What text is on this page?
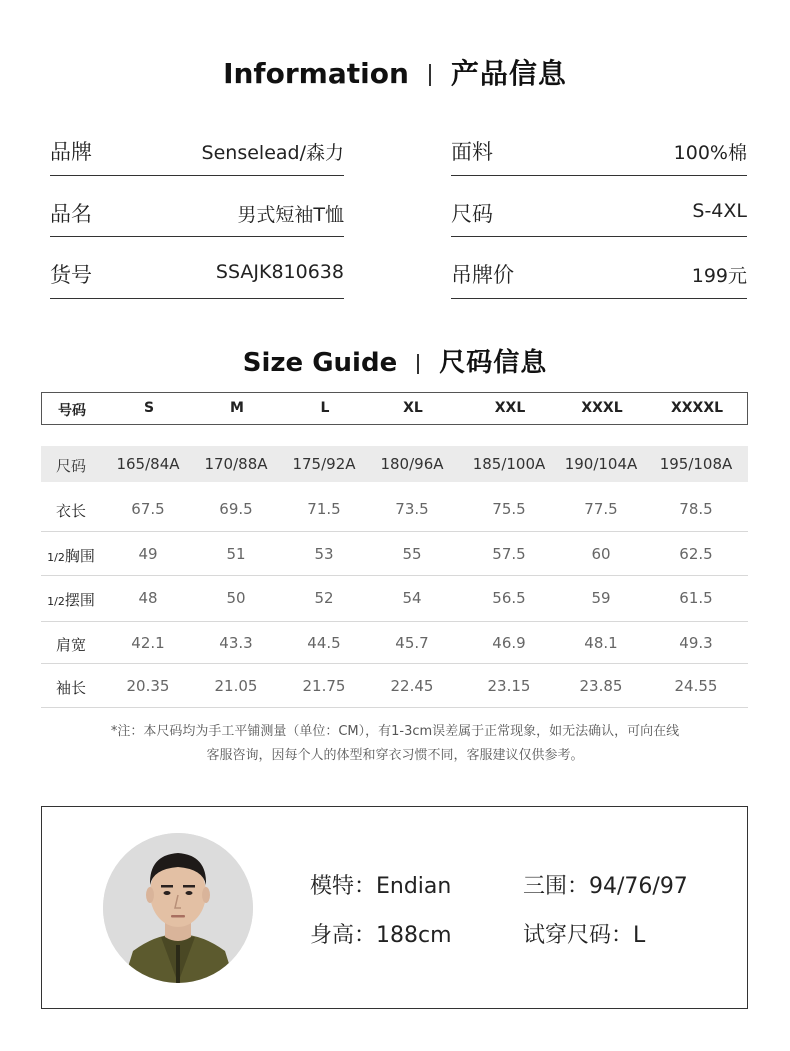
Information 产品信息
品牌	Senselead/森力
品名	男式短袖T恤
货号	SSAJK810638
面料	100%棉
尺码	S-4XL
吊牌价	199元
Size Guide 尺码信息
号码	S	M	L	XL	XXL	XXXL	XXXXL
尺码	165/84A	170/88A	175/92A	180/96A	185/100A	190/104A	195/108A
衣长	67.5	69.5	71.5	73.5	75.5	77.5	78.5
1/2胸围	49	51	53	55	57.5	60	62.5
1/2摆围	48	50	52	54	56.5	59	61.5
肩宽	42.1	43.3	44.5	45.7	46.9	48.1	49.3
袖长	20.35	21.05	21.75	22.45	23.15	23.85	24.55
*注：本尺码均为手工平铺测量（单位：CM），有1-3cm误差属于正常现象，如无法确认，可向在线
客服咨询，因每个人的体型和穿衣习惯不同，客服建议仅供参考。
模特：Endian
身高：188cm
三围：94/76/97
试穿尺码：L
